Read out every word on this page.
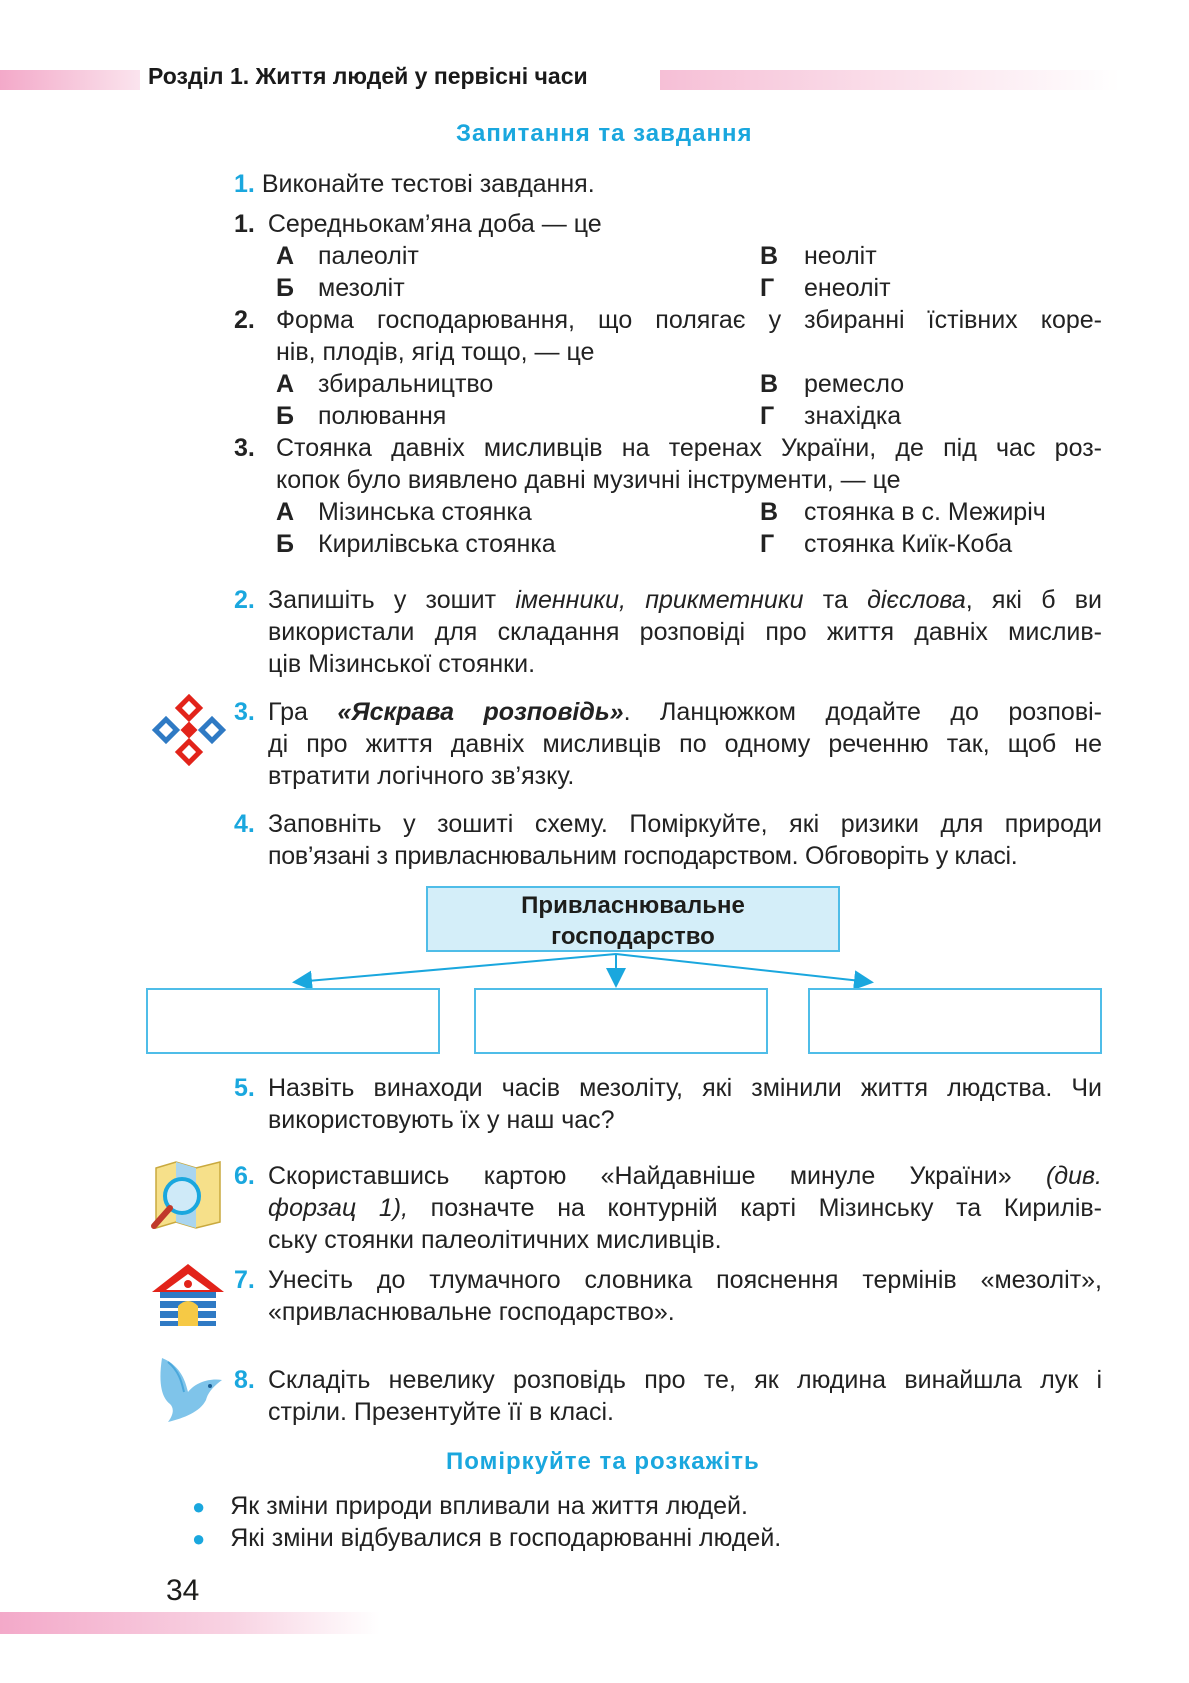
Розділ 1. Життя людей у первісні часи
Запитання та завдання
1. Виконайте тестові завдання.
1. Середньокам’яна доба — це
А палеоліт	В неоліт
Б мезоліт	Г енеоліт
2. Форма господарювання, що полягає у збиранні їстівних коре-
нів, плодів, ягід тощо, — це
А збиральництво	В ремесло
Б полювання	Г знахідка
3. Стоянка давніх мисливців на теренах України, де під час роз-
копок було виявлено давні музичні інструменти, — це
А Мізинська стоянка	В стоянка в с. Межиріч
Б Кирилівська стоянка	Г стоянка Киїк-Коба
2. Запишіть у зошит іменники, прикметники та дієслова, які б ви
використали для складання розповіді про життя давніх мислив-
ців Мізинської стоянки.
3. Гра «Яскрава розповідь». Ланцюжком додайте до розпові-
ді про життя давніх мисливців по одному реченню так, щоб не
втратити логічного зв’язку.
4. Заповніть у зошиті схему. Поміркуйте, які ризики для природи
пов’язані з привласнювальним господарством. Обговоріть у класі.
Привласнювальне
господарство
5. Назвіть винаходи часів мезоліту, які змінили життя людства. Чи
використовують їх у наш час?
6. Скориставшись картою «Найдавніше минуле України» (див.
форзац 1), позначте на контурній карті Мізинську та Кирилів-
ську стоянки палеолітичних мисливців.
7. Унесіть до тлумачного словника пояснення термінів «мезоліт»,
«привласнювальне господарство».
8. Складіть невелику розповідь про те, як людина винайшла лук і
стріли. Презентуйте її в класі.
Поміркуйте та розкажіть
● Як зміни природи впливали на життя людей.
● Які зміни відбувалися в господарюванні людей.
34
